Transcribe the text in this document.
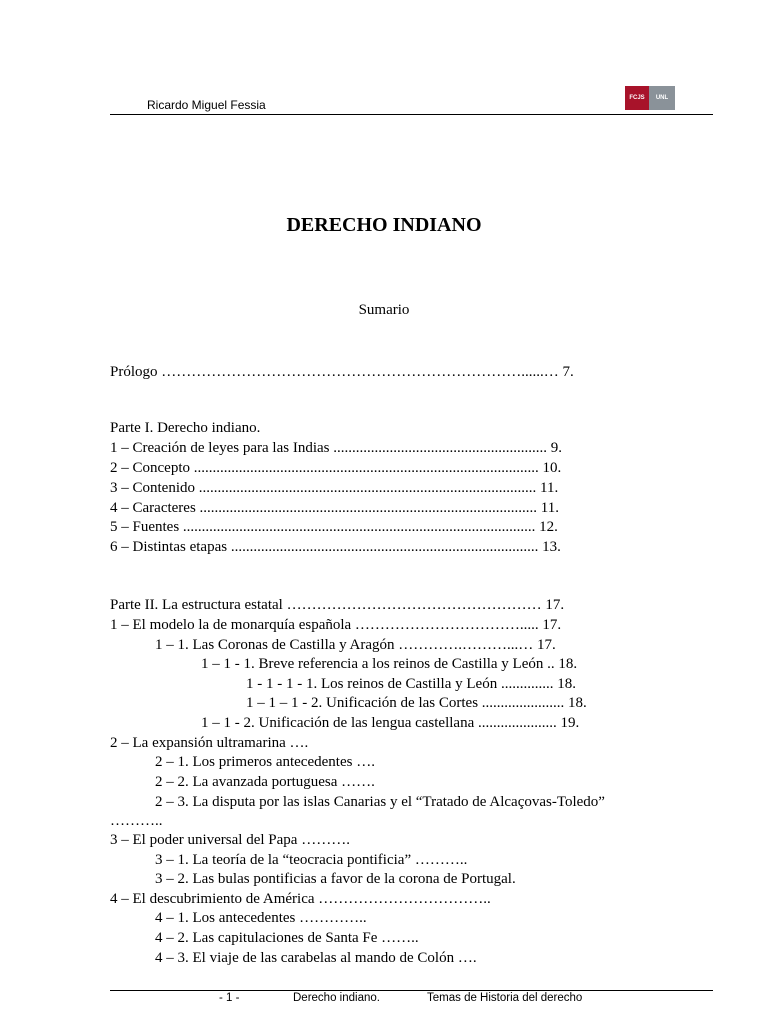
Ricardo Miguel Fessia	FCJS	UNL
DERECHO INDIANO
Sumario
Prólogo ………………………………………………………………......… 7.
Parte I. Derecho indiano.
1 – Creación de leyes para las Indias ......................................................... 9.
2 – Concepto ............................................................................................ 10.
3 – Contenido .......................................................................................... 11.
4 – Caracteres .......................................................................................... 11.
5 – Fuentes .............................................................................................. 12.
6 – Distintas etapas .................................................................................. 13.
Parte II. La estructura estatal …………………………………………… 17.
1 – El modelo la de monarquía española ……………………………..... 17.
1 – 1. Las Coronas de Castilla y Aragón ………….………...… 17.
1 – 1 - 1. Breve referencia a los reinos de Castilla y León .. 18.
1 - 1 - 1 - 1. Los reinos de Castilla y León .............. 18.
1 – 1 – 1 - 2. Unificación de las Cortes ...................... 18.
1 – 1 - 2. Unificación de las lengua castellana ..................... 19.
2 – La expansión ultramarina ….
2 – 1. Los primeros antecedentes ….
2 – 2. La avanzada portuguesa …….
2 – 3. La disputa por las islas Canarias y el “Tratado de Alcaçovas-Toledo”
………..
3 – El poder universal del Papa ……….
3 – 1. La teoría de la “teocracia pontificia” ………..
3 – 2. Las bulas pontificias a favor de la corona de Portugal.
4 – El descubrimiento de América ……………………………..
4 – 1. Los antecedentes …………..
4 – 2. Las capitulaciones de Santa Fe ……..
4 – 3. El viaje de las carabelas al mando de Colón ….
- 1 -	Derecho indiano.	Temas de Historia del derecho
